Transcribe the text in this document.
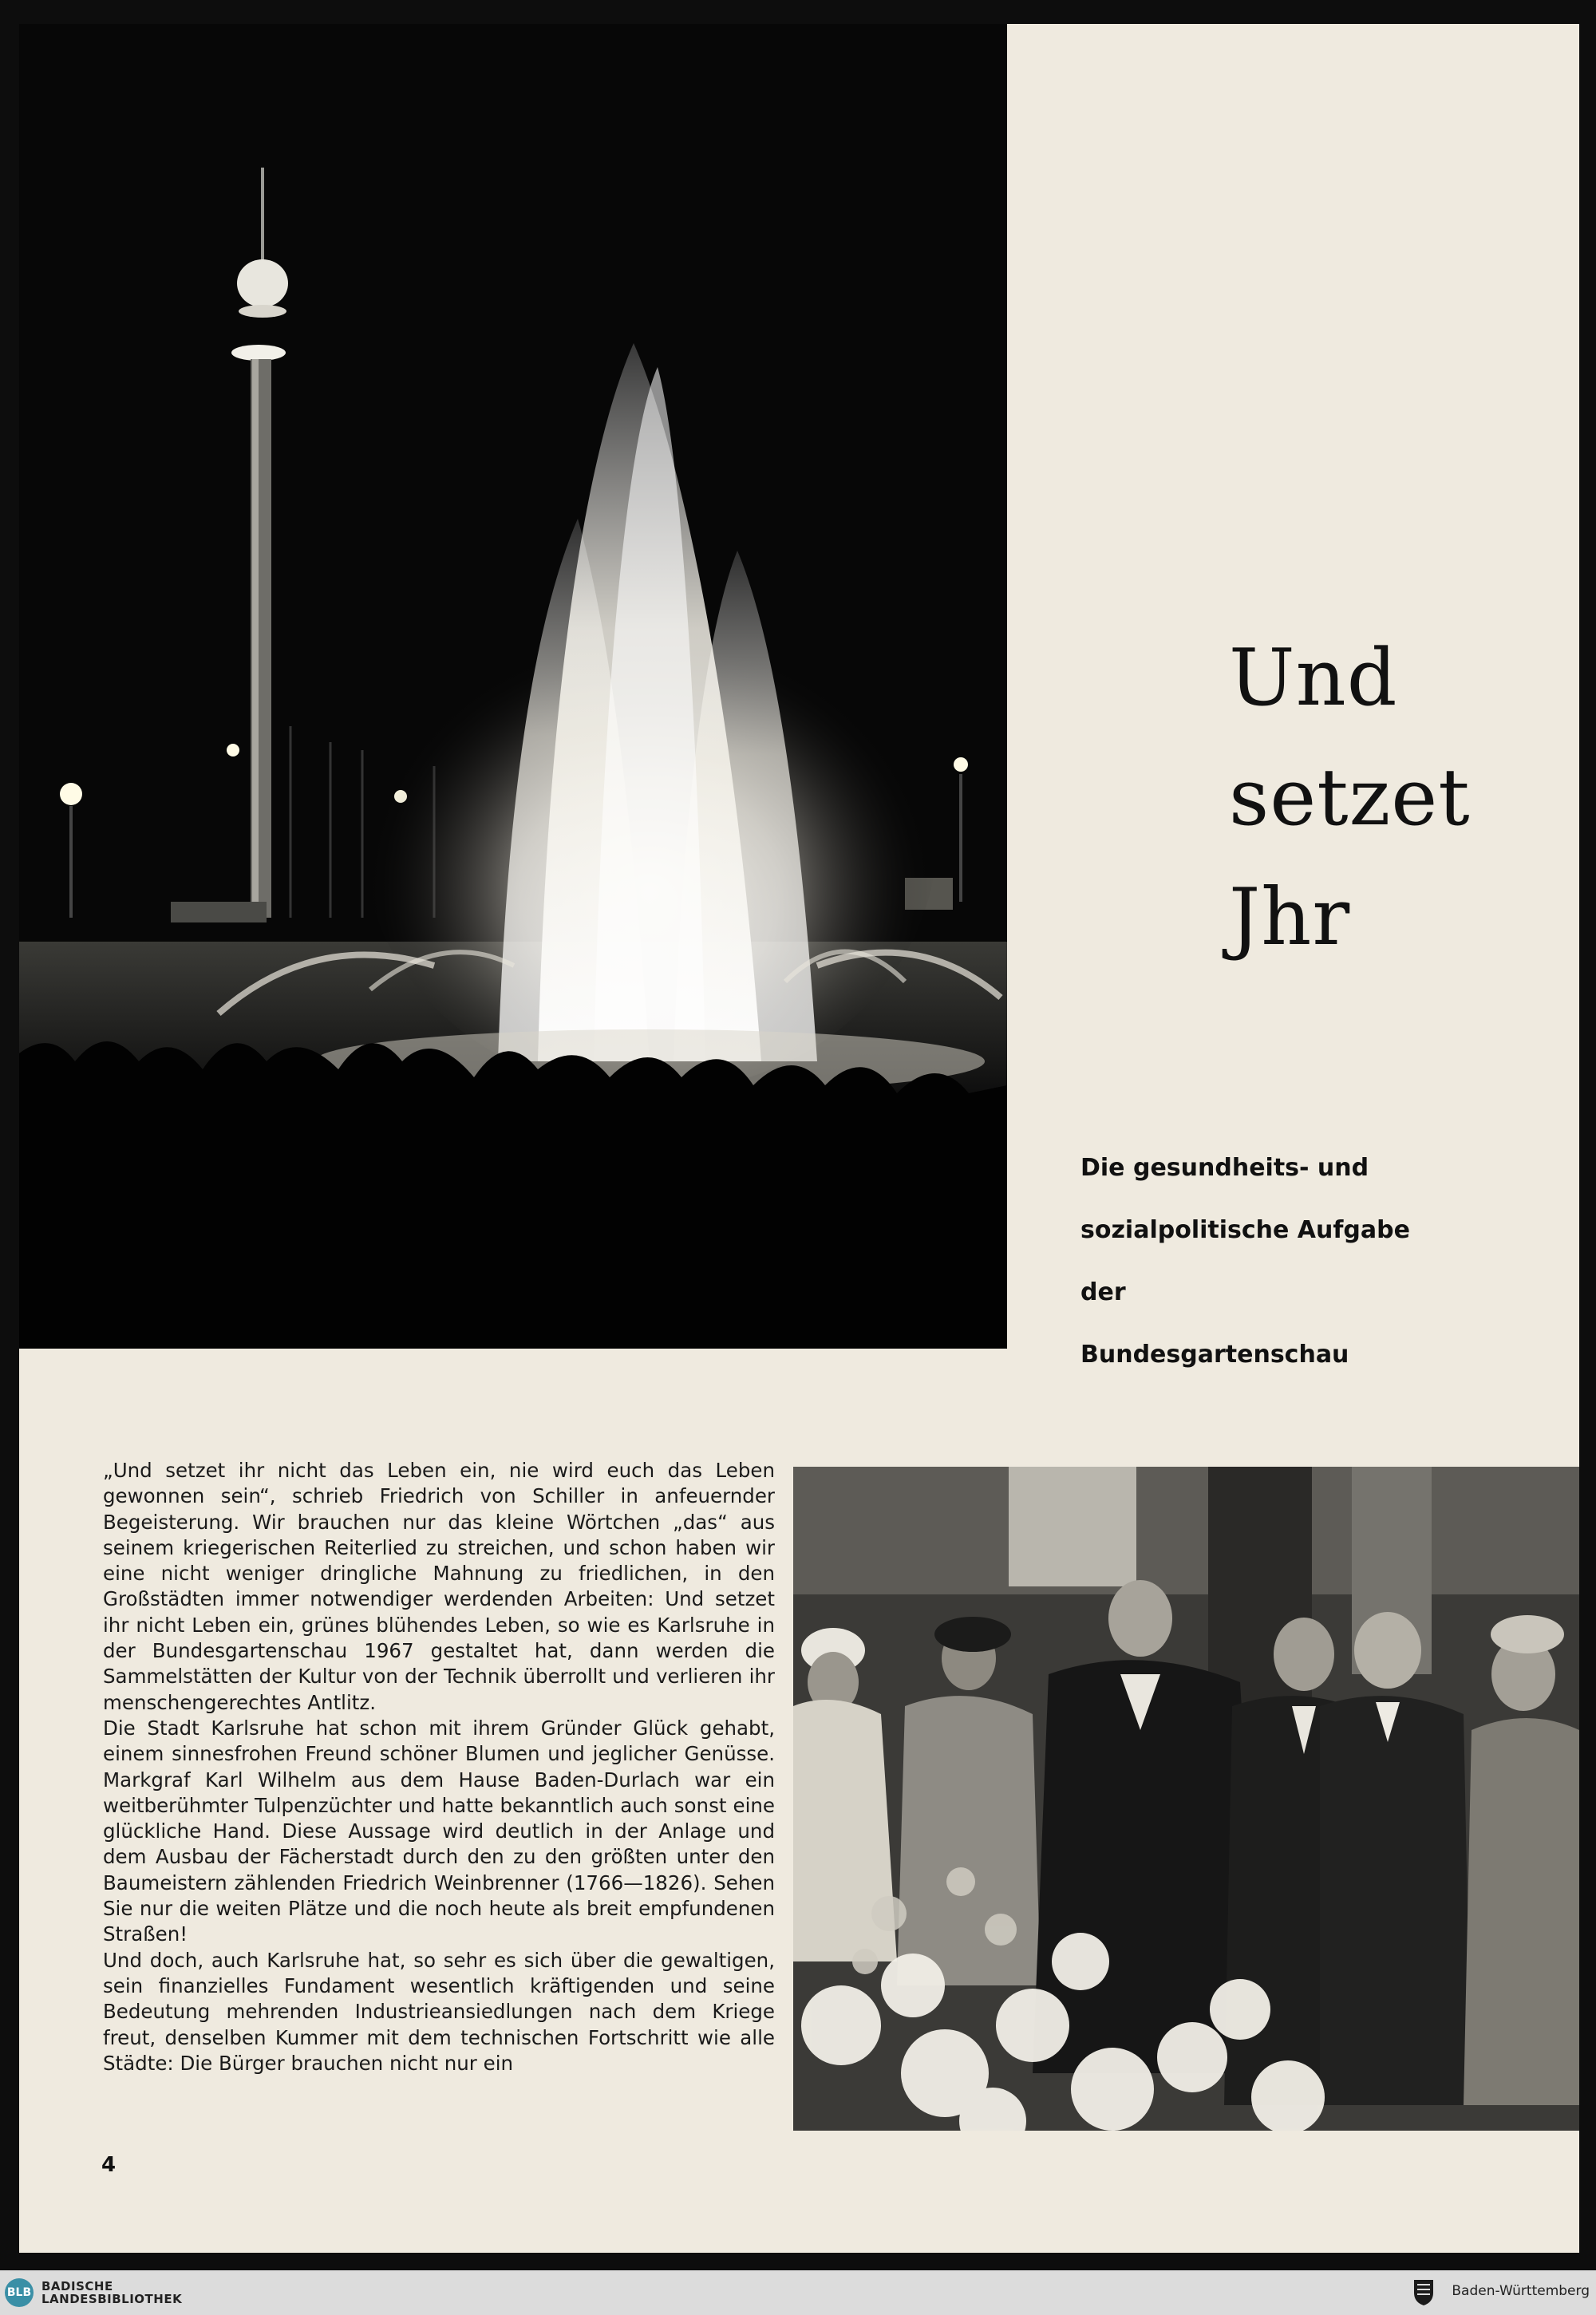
Und
setzet Jhr
Die gesundheits- und
sozialpolitische Aufgabe
der
Bundesgartenschau

„Und setzet ihr nicht das Leben ein, nie wird euch das Leben gewonnen sein“, schrieb Friedrich von Schiller in anfeuernder Begeisterung. Wir brauchen nur das kleine Wörtchen „das“ aus seinem kriegerischen Reiterlied zu streichen, und schon haben wir eine nicht weniger dringliche Mahnung zu friedlichen, in den Großstädten immer notwendiger werdenden Arbeiten: Und setzet ihr nicht Leben ein, grünes blühendes Leben, so wie es Karlsruhe in der Bundesgartenschau 1967 gestaltet hat, dann werden die Sammelstätten der Kultur von der Technik überrollt und verlieren ihr menschengerechtes Antlitz.

Die Stadt Karlsruhe hat schon mit ihrem Gründer Glück gehabt, einem sinnesfrohen Freund schöner Blumen und jeglicher Genüsse. Markgraf Karl Wilhelm aus dem Hause Baden-Durlach war ein weitberühmter Tulpenzüchter und hatte bekanntlich auch sonst eine glückliche Hand. Diese Aussage wird deutlich in der Anlage und dem Ausbau der Fächerstadt durch den zu den größten unter den Baumeistern zählenden Friedrich Weinbrenner (1766—1826). Sehen Sie nur die weiten Plätze und die noch heute als breit empfundenen Straßen!

Und doch, auch Karlsruhe hat, so sehr es sich über die gewaltigen, sein finanzielles Fundament wesentlich kräftigenden und seine Bedeutung mehrenden Industrieansiedlungen nach dem Kriege freut, denselben Kummer mit dem technischen Fortschritt wie alle Städte: Die Bürger brauchen nicht nur ein

4
BLB BADISCHE
LANDESBIBLIOTHEK	Baden-Württemberg
